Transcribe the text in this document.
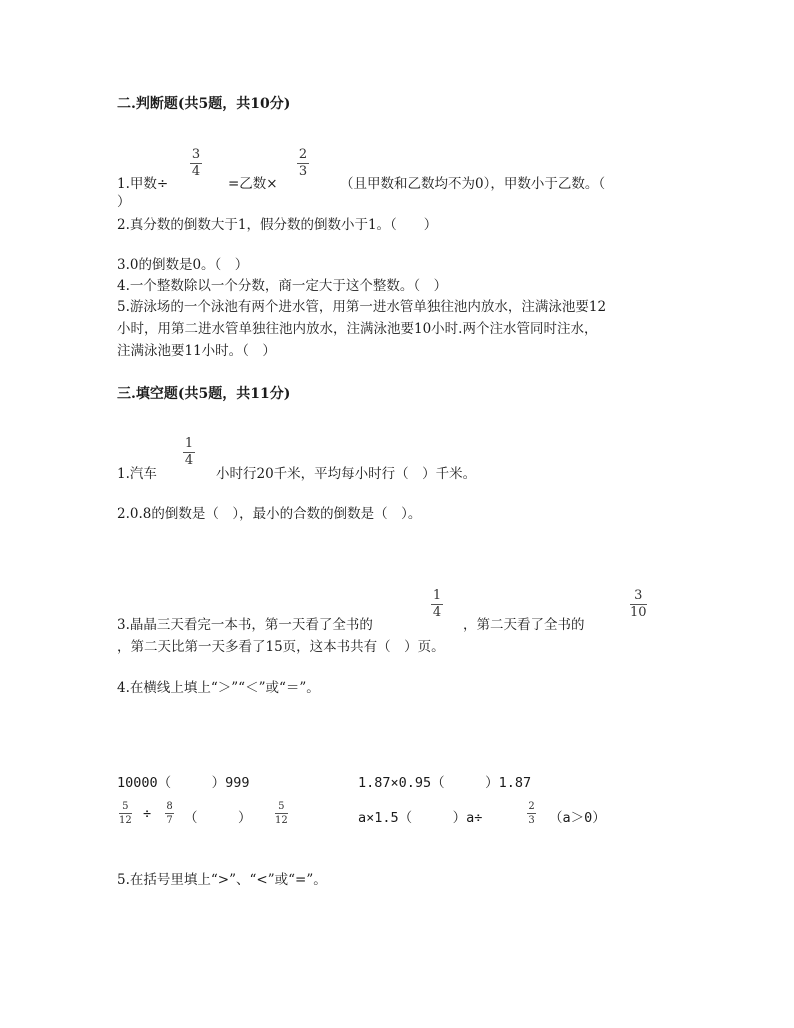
二.判断题(共5题，共10分)
1.甲数÷
3
4
=乙数×
2
3
（且甲数和乙数均不为0），甲数小于乙数。（
）
2.真分数的倒数大于1，假分数的倒数小于1。（　　）
3.0的倒数是0。（　）
4.一个整数除以一个分数，商一定大于这个整数。（　）
5.游泳场的一个泳池有两个进水管，用第一进水管单独往池内放水，注满泳池要12
小时，用第二进水管单独往池内放水，注满泳池要10小时.两个注水管同时注水，
注满泳池要11小时。（　）
三.填空题(共5题，共11分)
1.汽车
1
4
小时行20千米，平均每小时行（　）千米。
2.0.8的倒数是（　），最小的合数的倒数是（　）。
3.晶晶三天看完一本书，第一天看了全书的
1
4
，第二天看了全书的
3
10
，第二天比第一天多看了15页，这本书共有（　）页。
4.在横线上填上“＞”“＜”或“＝”。
10000（　　　）999	1.87×0.95（　　　）1.87
5
12 ÷ 8
7 （　　　）
5
12	a×1.5（　　　）a÷
2
3 （a＞0）
5.在括号里填上“>”、“<”或“=”。
